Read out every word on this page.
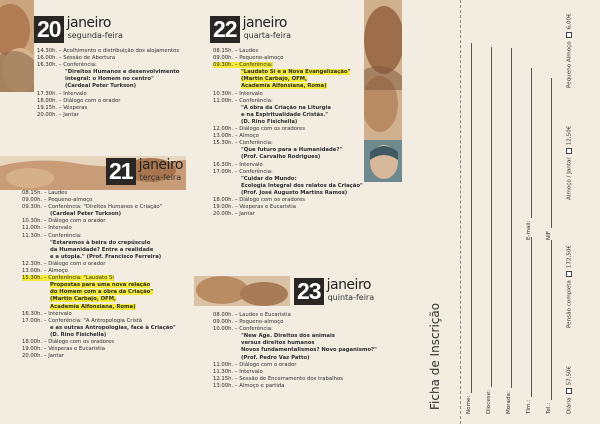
20 janeiro
segunda-feira
14.30h. – Acolhimento e distribuição dos alojamentos
16.00h. – Sessão de Abertura
16.30h. – Conferência:
"Direitos Humanos e desenvolvimento
integral: o Homem no centro"
(Cardeal Peter Turkson)
17.30h. – Intervalo
18.00h. – Diálogo com o orador
19.15h. – Vésperas
20.00h. – Jantar
21 janeiro
terça-feira
08.15h. – Laudes
09.00h. – Pequeno-almoço
09.30h. – Conferência: "Direitos Humanos e Criação"
(Cardeal Peter Turkson)
10.30h. – Diálogo com o orador
11.00h. – Intervalo
11.30h. – Conferência:
"Estaremos à beira do crepúsculo
da Humanidade? Entre a realidade
e a utopia." (Prof. Francisco Ferreira)
12.30h. – Diálogo com o orador
13.00h. – Almoço
15.30h. – Conferência: "Laudato Si
Propostas para uma nova relação
do Homem com a obra da Criação"
(Martin Carbajo, OFM,
Academia Alfonsiana, Roma)
16.30h. – Intervalo
17.00h. – Conferência: "A Antropologia Cristã
e as outras Antropologias, face à Criação"
(D. Rino Fisichella)
18.00h. – Diálogo com os oradores
19.00h. – Vésperas e Eucaristia
20.00h. – Jantar
22 janeiro
quarta-feira
08.15h. – Laudes
09.00h. – Pequeno-almoço
09.30h. – Conferência:
"Laudato Si e a Nova Evangelização"
(Martin Carbajo, OFM,
Academia Alfonsiana, Roma)
10.30h. – Intervalo
11.00h. – Conferência:
"A obra da Criação na Liturgia
e na Espiritualidade Cristãs."
(D. Rino Fisichella)
12.00h. – Diálogo com os oradores
13.00h. – Almoço
15.30h. – Conferência:
"Que futuro para a Humanidade?"
(Prof. Carvalho Rodrigues)
16.30h. – Intervalo
17.00h. – Conferência:
"Cuidar do Mundo:
Ecologia Integral dos relatos da Criação"
(Prof. José Augusto Martins Ramos)
18.00h. – Diálogo com os oradores
19.00h. – Vésperas e Eucaristia
20.00h. – Jantar
23 janeiro
quinta-feira
08.00h. – Laudes e Eucaristia
09.00h. – Pequeno-almoço
10.00h. – Conferência:
"New Age. Direitos dos animais
versus direitos humanos
Novos fundamentalismos? Novo paganismo?"
(Prof. Pedro Vaz Patto)
11.00h. – Diálogo com o orador
11.30h. – Intervalo
12.15h. – Sessão de Encerramento dos trabalhos
13.00h. – Almoço e partida	Ficha de Inscrição	Nome:	Diocese:	Morada:	Tlm.:
E-mail:
Tel.:
NIF
Diária57,50€
Pensão completa172,50€
Almoço / Jantar12,50€
Pequeno Almoço6,00€
